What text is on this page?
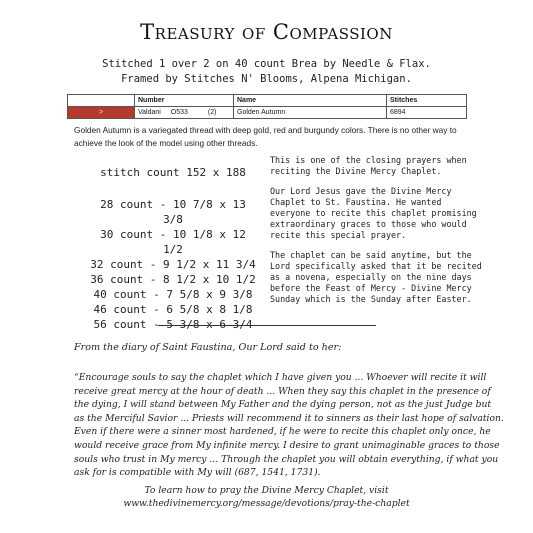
Treasury of Compassion
Stitched 1 over 2 on 40 count Brea by Needle & Flax.
Framed by Stitches N' Blooms, Alpena Michigan.
	Number	Name	Stitches
>	Valdani O533 (2)	Golden Autumn	6894
Golden Autumn is a variegated thread with deep gold, red and burgundy colors. There is no other way to achieve the look of the model using other threads.
stitch count 152 x 188
28 count - 10 7/8 x 13 3/8
30 count - 10 1/8 x 12 1/2
32 count - 9 1/2 x 11 3/4
36 count - 8 1/2 x 10 1/2
40 count - 7 5/8 x 9 3/8
46 count - 6 5/8 x 8 1/8
56 count - 5 3/8 x 6 3/4

This is one of the closing prayers when reciting the Divine Mercy Chaplet.

Our Lord Jesus gave the Divine Mercy Chaplet to St. Faustina. He wanted everyone to recite this chaplet promising extraordinary graces to those who would recite this special prayer.

The chaplet can be said anytime, but the Lord specifically asked that it be recited as a novena, especially on the nine days before the Feast of Mercy - Divine Mercy Sunday which is the Sunday after Easter.

From the diary of Saint Faustina, Our Lord said to her:
“Encourage souls to say the chaplet which I have given you ... Whoever will recite it will receive great mercy at the hour of death ... When they say this chaplet in the presence of the dying, I will stand between My Father and the dying person, not as the just Judge but as the Merciful Savior ... Priests will recommend it to sinners as their last hope of salvation. Even if there were a sinner most hardened, if he were to recite this chaplet only once, he would receive grace from My infinite mercy. I desire to grant unimaginable graces to those souls who trust in My mercy ... Through the chaplet you will obtain everything, if what you ask for is compatible with My will (687, 1541, 1731).
To learn how to pray the Divine Mercy Chaplet, visit
www.thedivinemercy.org/message/devotions/pray-the-chaplet
